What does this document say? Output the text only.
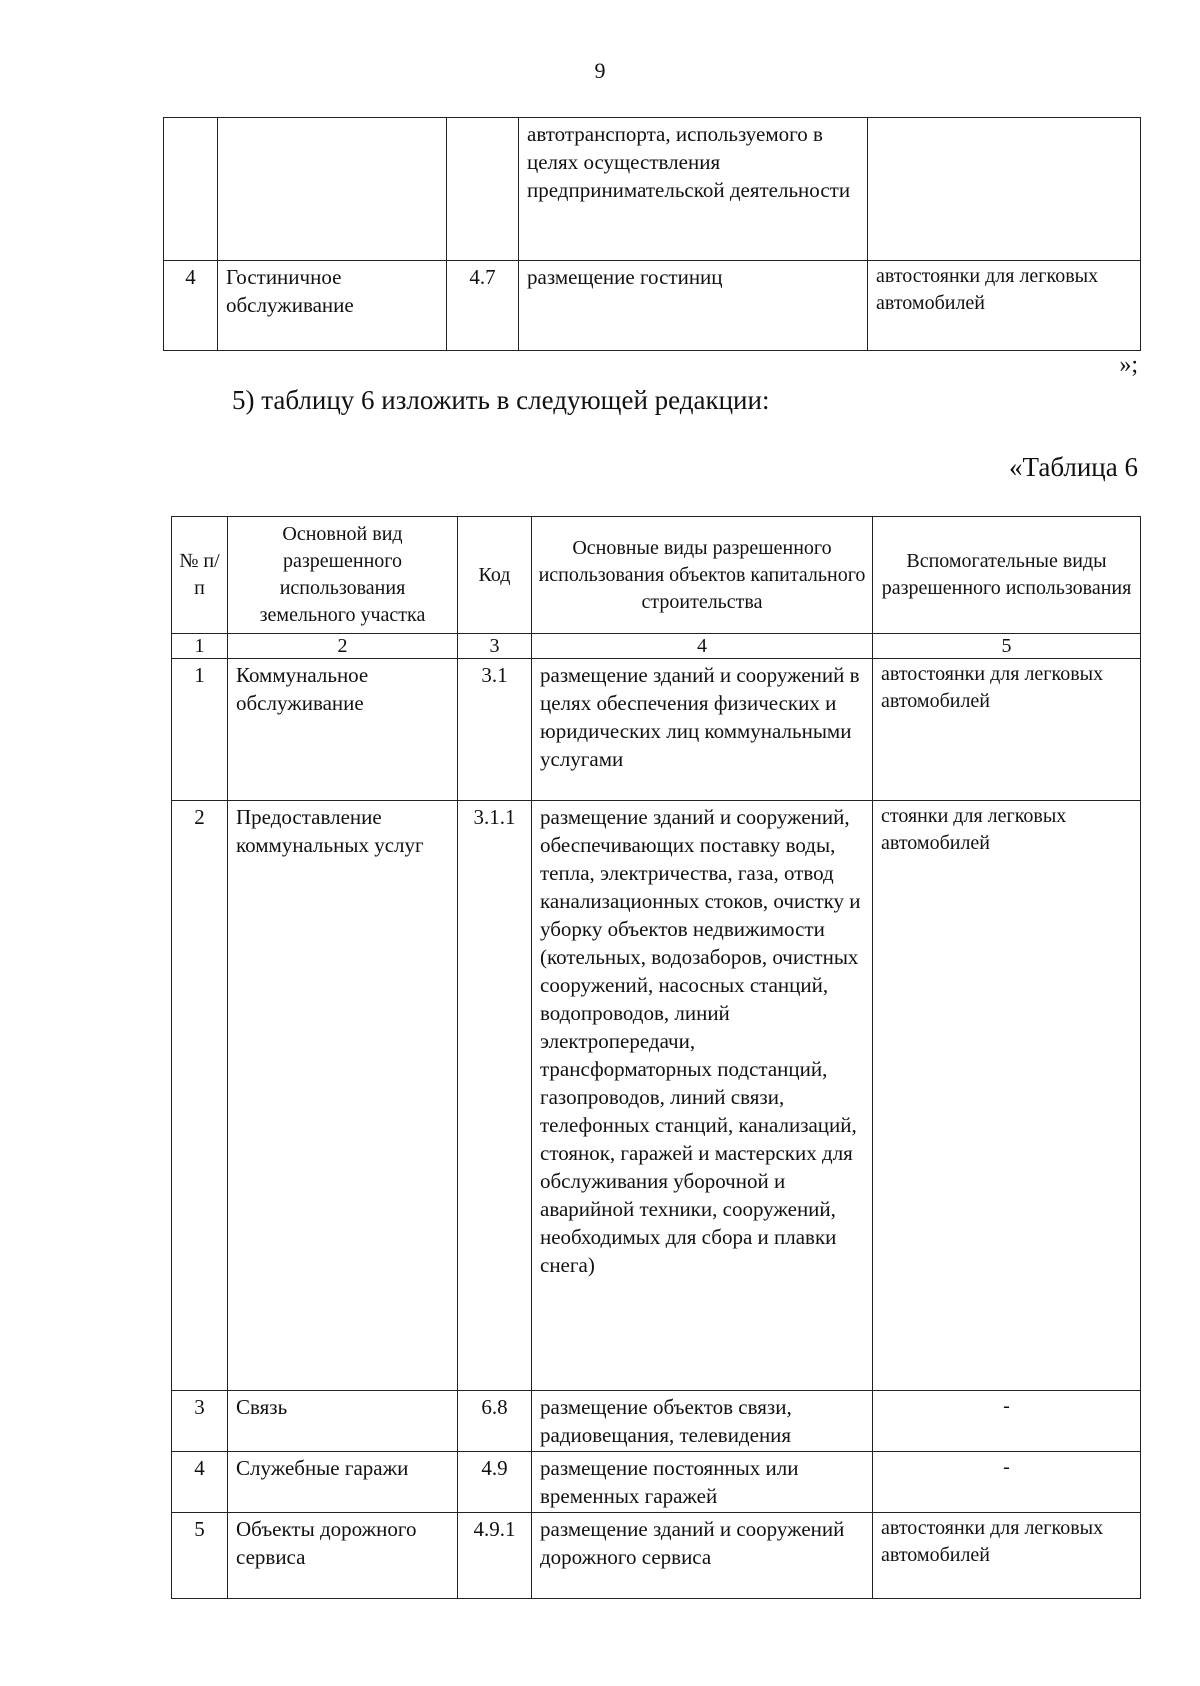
9
			автотранспорта, используемого в целях осуществления предпринимательской деятельности	
4	Гостиничное обслуживание	4.7	размещение гостиниц	автостоянки для легковых автомобилей
»;
5) таблицу 6 изложить в следующей редакции:
«Таблица 6
№ п/п	Основной вид разрешенного использования земельного участка	Код	Основные виды разрешенного использования объектов капитального строительства	Вспомогательные виды разрешенного использования
1	2	3	4	5
1	Коммунальное обслуживание	3.1	размещение зданий и сооружений в целях обеспечения физических и юридических лиц коммунальными услугами	автостоянки для легковых автомобилей
2	Предоставление коммунальных услуг	3.1.1	размещение зданий и сооружений, обеспечивающих поставку воды, тепла, электричества, газа, отвод канализационных стоков, очистку и уборку объектов недвижимости (котельных, водозаборов, очистных сооружений, насосных станций, водопроводов, линий электропередачи, трансформаторных подстанций, газопроводов, линий связи, телефонных станций, канализаций, стоянок, гаражей и мастерских для обслуживания уборочной и аварийной техники, сооружений, необходимых для сбора и плавки снега)	стоянки для легковых автомобилей
3	Связь	6.8	размещение объектов связи, радиовещания, телевидения	-
4	Служебные гаражи	4.9	размещение постоянных или временных гаражей	-
5	Объекты дорожного сервиса	4.9.1	размещение зданий и сооружений дорожного сервиса	автостоянки для легковых автомобилей
